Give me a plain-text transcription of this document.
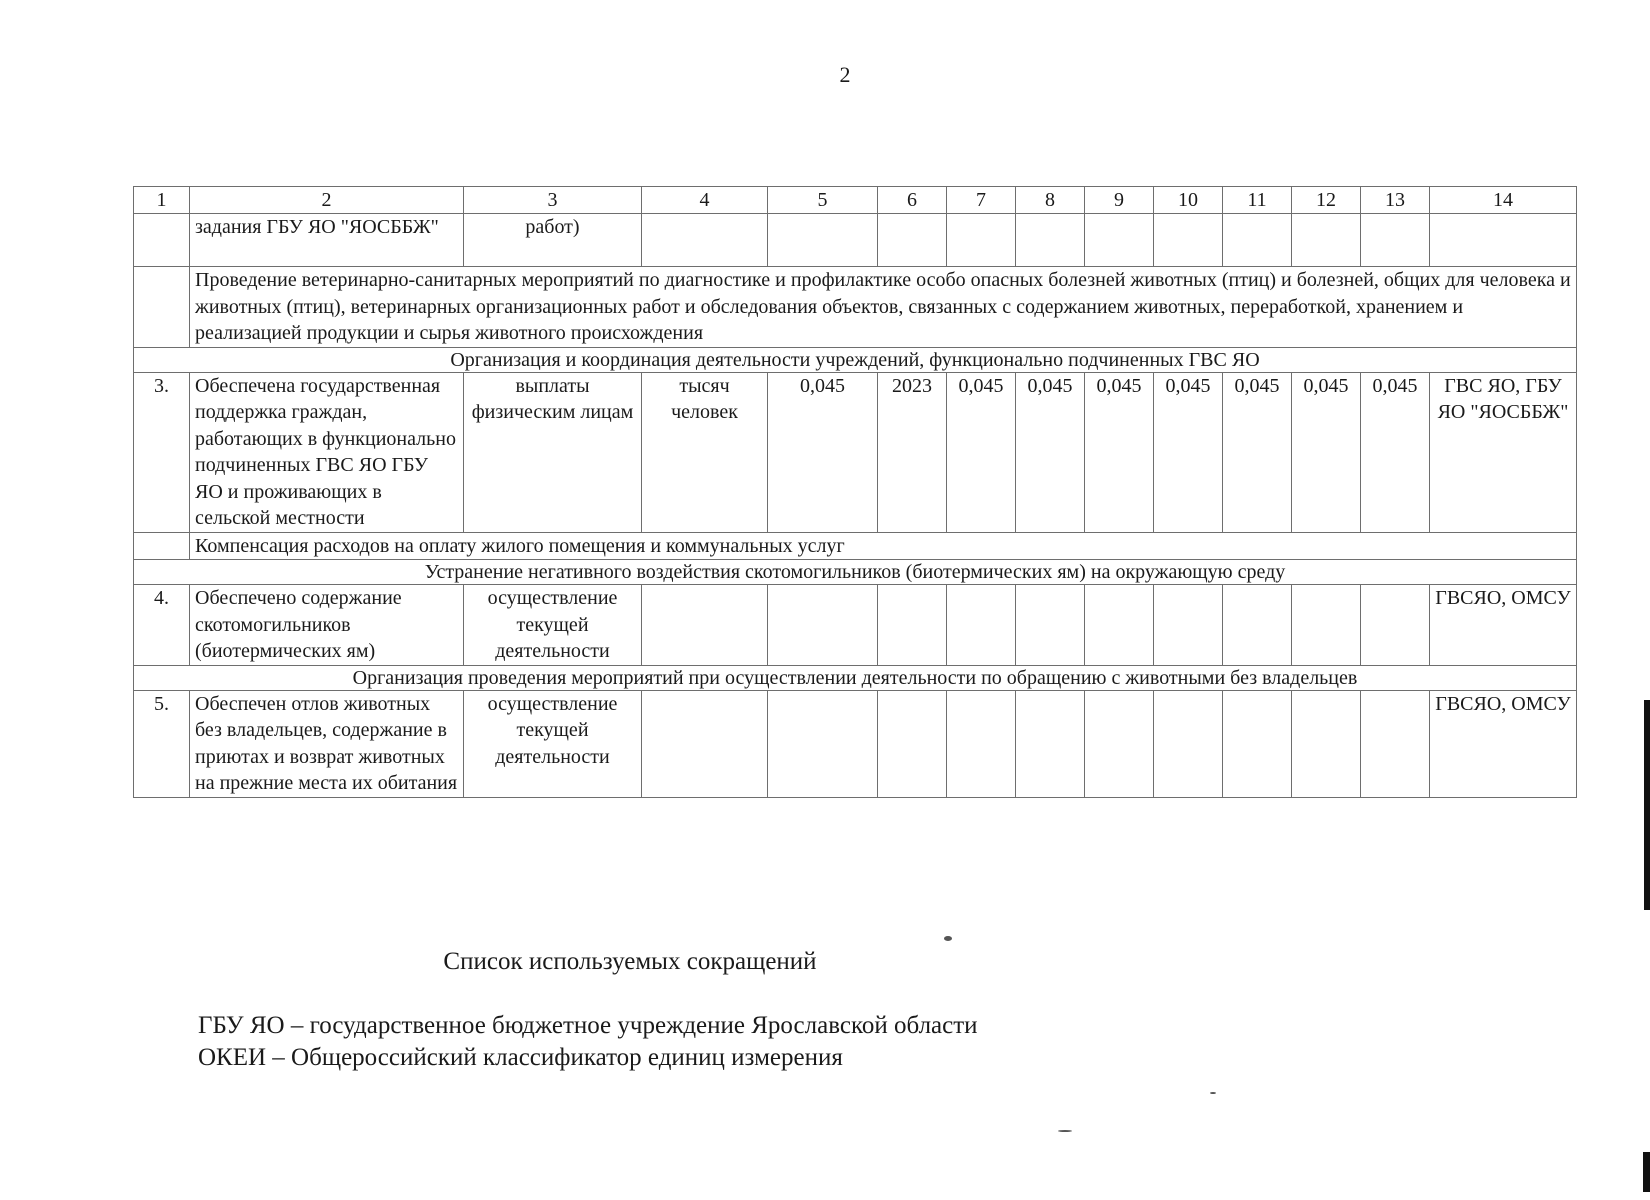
2
1	2	3	4	5	6	7	8	9	10	11	12	13	14
	задания ГБУ ЯО "ЯОСББЖ"	работ)											
	Проведение ветеринарно-санитарных мероприятий по диагностике и профилактике особо опасных болезней животных (птиц) и болезней, общих для человека и животных (птиц), ветеринарных организационных работ и обследования объектов, связанных с содержанием животных, переработкой, хранением и реализацией продукции и сырья животного происхождения												
Организация и координация деятельности учреждений, функционально подчиненных ГВС ЯО													
3.	Обеспечена государственная поддержка граждан, работающих в функционально подчиненных ГВС ЯО ГБУ ЯО и проживающих в сельской местности	выплаты физическим лицам	тысяч человек	0,045	2023	0,045	0,045	0,045	0,045	0,045	0,045	0,045	ГВС ЯО, ГБУ ЯО "ЯОСББЖ"
	Компенсация расходов на оплату жилого помещения и коммунальных услуг												
Устранение негативного воздействия скотомогильников (биотермических ям) на окружающую среду													
4.	Обеспечено содержание скотомогильников (биотермических ям)	осуществление текущей деятельности											ГВСЯО, ОМСУ
Организация проведения мероприятий при осуществлении деятельности по обращению с животными без владельцев													
5.	Обеспечен отлов животных без владельцев, содержание в приютах и возврат животных на прежние места их обитания	осуществление текущей деятельности											ГВСЯО, ОМСУ
Список используемых сокращений
ГБУ ЯО – государственное бюджетное учреждение Ярославской области
ОКЕИ – Общероссийский классификатор единиц измерения
